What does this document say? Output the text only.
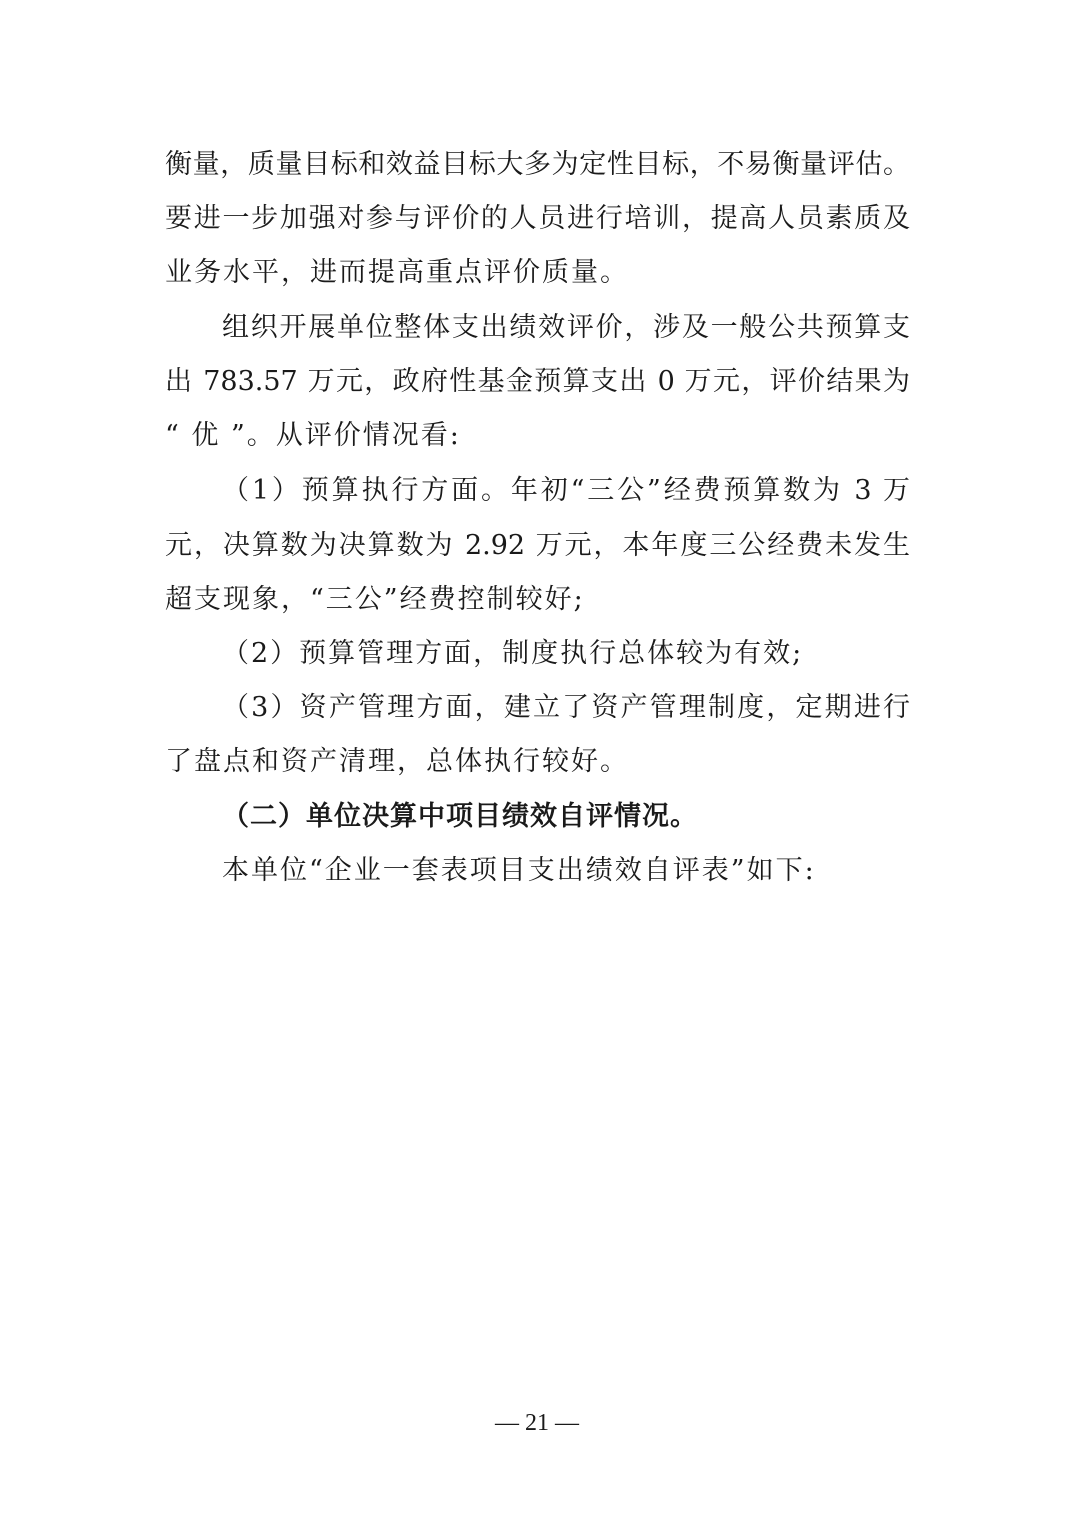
衡量，质量目标和效益目标大多为定性目标，不易衡量评估。
要进一步加强对参与评价的人员进行培训，提高人员素质及
业务水平，进而提高重点评价质量。
组织开展单位整体支出绩效评价，涉及一般公共预算支
出 783.57 万元，政府性基金预算支出 0 万元，评价结果为
“ 优 ”。从评价情况看:
（1）预算执行方面。年初“三公”经费预算数为 3 万
元，决算数为决算数为 2.92 万元，本年度三公经费未发生
超支现象，“三公”经费控制较好;
（2）预算管理方面，制度执行总体较为有效;
（3）资产管理方面，建立了资产管理制度，定期进行
了盘点和资产清理，总体执行较好。
（二）单位决算中项目绩效自评情况。
本单位“企业一套表项目支出绩效自评表”如下:
— 21 —
